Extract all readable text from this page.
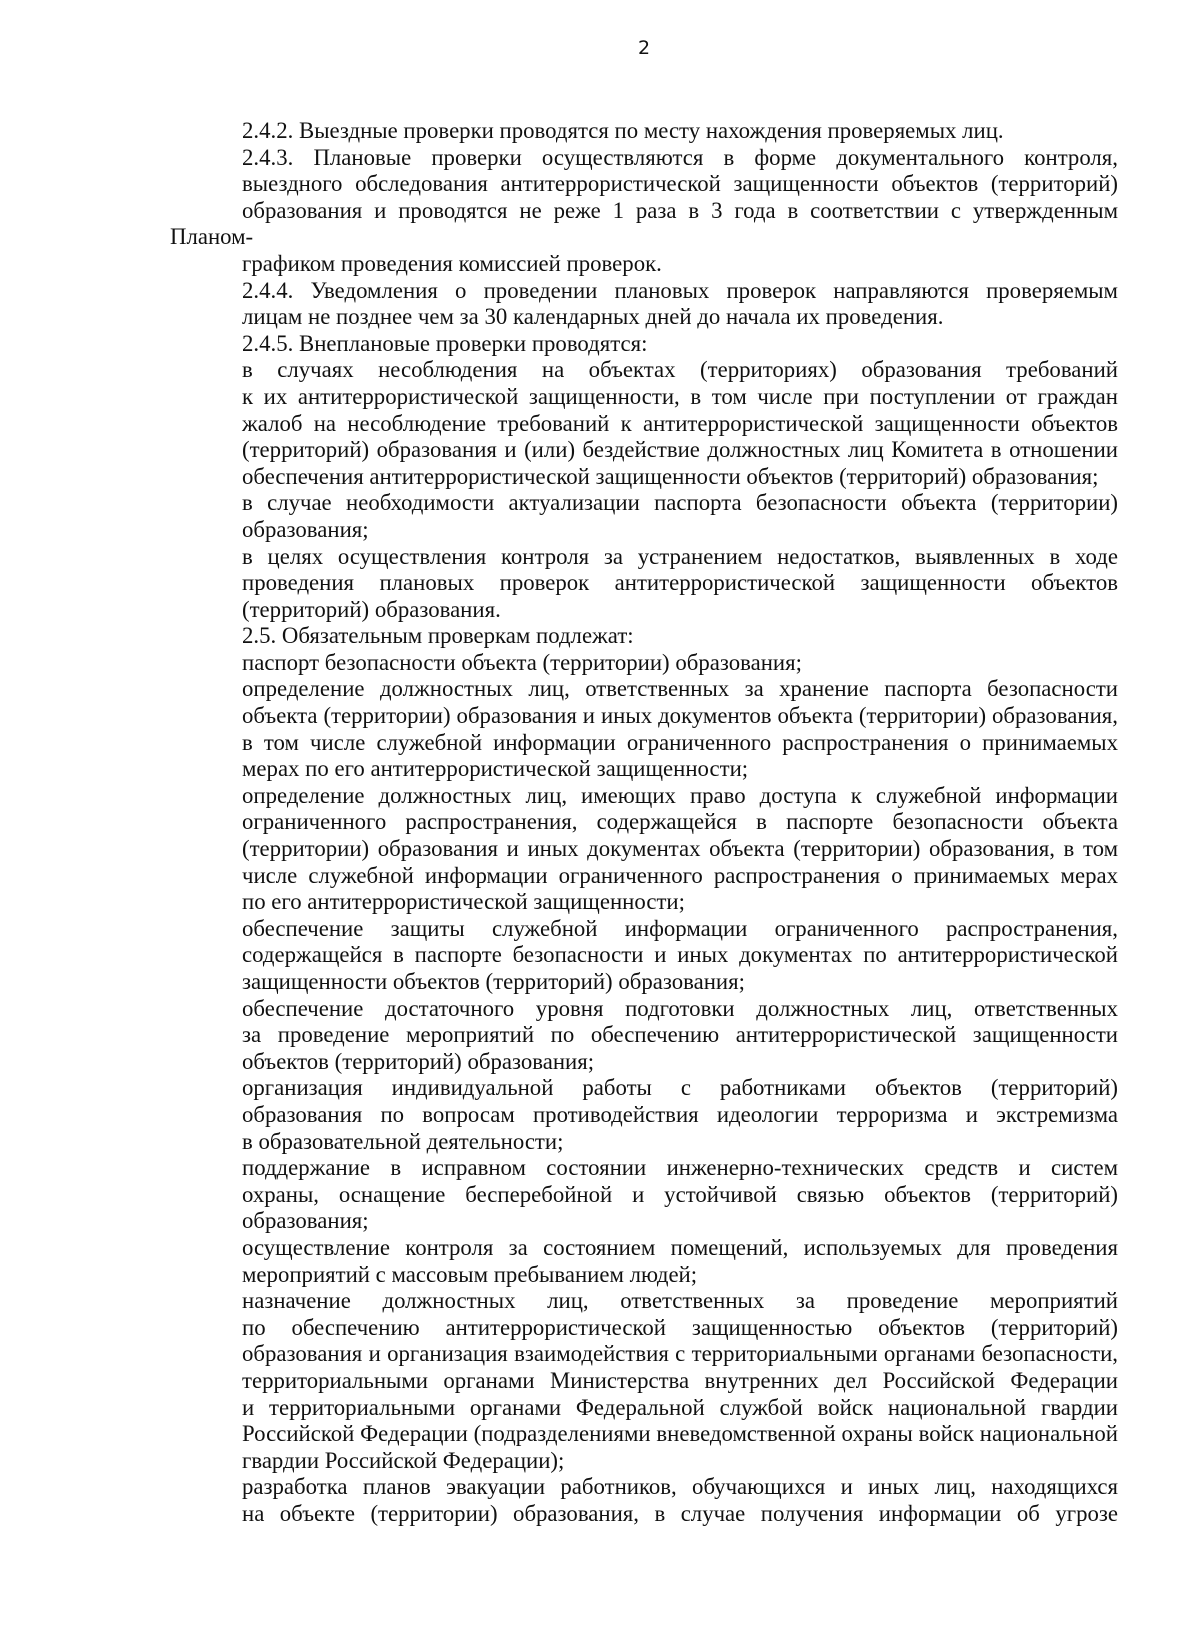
2

2.4.2. Выездные проверки проводятся по месту нахождения проверяемых лиц.

2.4.3. Плановые проверки осуществляются в форме документального контроля,
выездного обследования антитеррористической защищенности объектов (территорий)
образования и проводятся не реже 1 раза в 3 года в соответствии с утвержденным Планом-
графиком проведения комиссией проверок.

2.4.4. Уведомления о проведении плановых проверок направляются проверяемым
лицам не позднее чем за 30 календарных дней до начала их проведения.

2.4.5. Внеплановые проверки проводятся:

в случаях несоблюдения на объектах (территориях) образования требований
к их антитеррористической защищенности, в том числе при поступлении от граждан
жалоб на несоблюдение требований к антитеррористической защищенности объектов
(территорий) образования и (или) бездействие должностных лиц Комитета в отношении
обеспечения антитеррористической защищенности объектов (территорий) образования;

в случае необходимости актуализации паспорта безопасности объекта (территории)
образования;

в целях осуществления контроля за устранением недостатков, выявленных в ходе
проведения плановых проверок антитеррористической защищенности объектов
(территорий) образования.

2.5. Обязательным проверкам подлежат:

паспорт безопасности объекта (территории) образования;

определение должностных лиц, ответственных за хранение паспорта безопасности
объекта (территории) образования и иных документов объекта (территории) образования,
в том числе служебной информации ограниченного распространения о принимаемых
мерах по его антитеррористической защищенности;

определение должностных лиц, имеющих право доступа к служебной информации
ограниченного распространения, содержащейся в паспорте безопасности объекта
(территории) образования и иных документах объекта (территории) образования, в том
числе служебной информации ограниченного распространения о принимаемых мерах
по его антитеррористической защищенности;

обеспечение защиты служебной информации ограниченного распространения,
содержащейся в паспорте безопасности и иных документах по антитеррористической
защищенности объектов (территорий) образования;

обеспечение достаточного уровня подготовки должностных лиц, ответственных
за проведение мероприятий по обеспечению антитеррористической защищенности
объектов (территорий) образования;

организация индивидуальной работы с работниками объектов (территорий)
образования по вопросам противодействия идеологии терроризма и экстремизма
в образовательной деятельности;

поддержание в исправном состоянии инженерно-технических средств и систем
охраны, оснащение бесперебойной и устойчивой связью объектов (территорий)
образования;

осуществление контроля за состоянием помещений, используемых для проведения
мероприятий с массовым пребыванием людей;

назначение должностных лиц, ответственных за проведение мероприятий
по обеспечению антитеррористической защищенностью объектов (территорий)
образования и организация взаимодействия с территориальными органами безопасности,
территориальными органами Министерства внутренних дел Российской Федерации
и территориальными органами Федеральной службой войск национальной гвардии
Российской Федерации (подразделениями вневедомственной охраны войск национальной
гвардии Российской Федерации);

разработка планов эвакуации работников, обучающихся и иных лиц, находящихся
на объекте (территории) образования, в случае получения информации об угрозе
